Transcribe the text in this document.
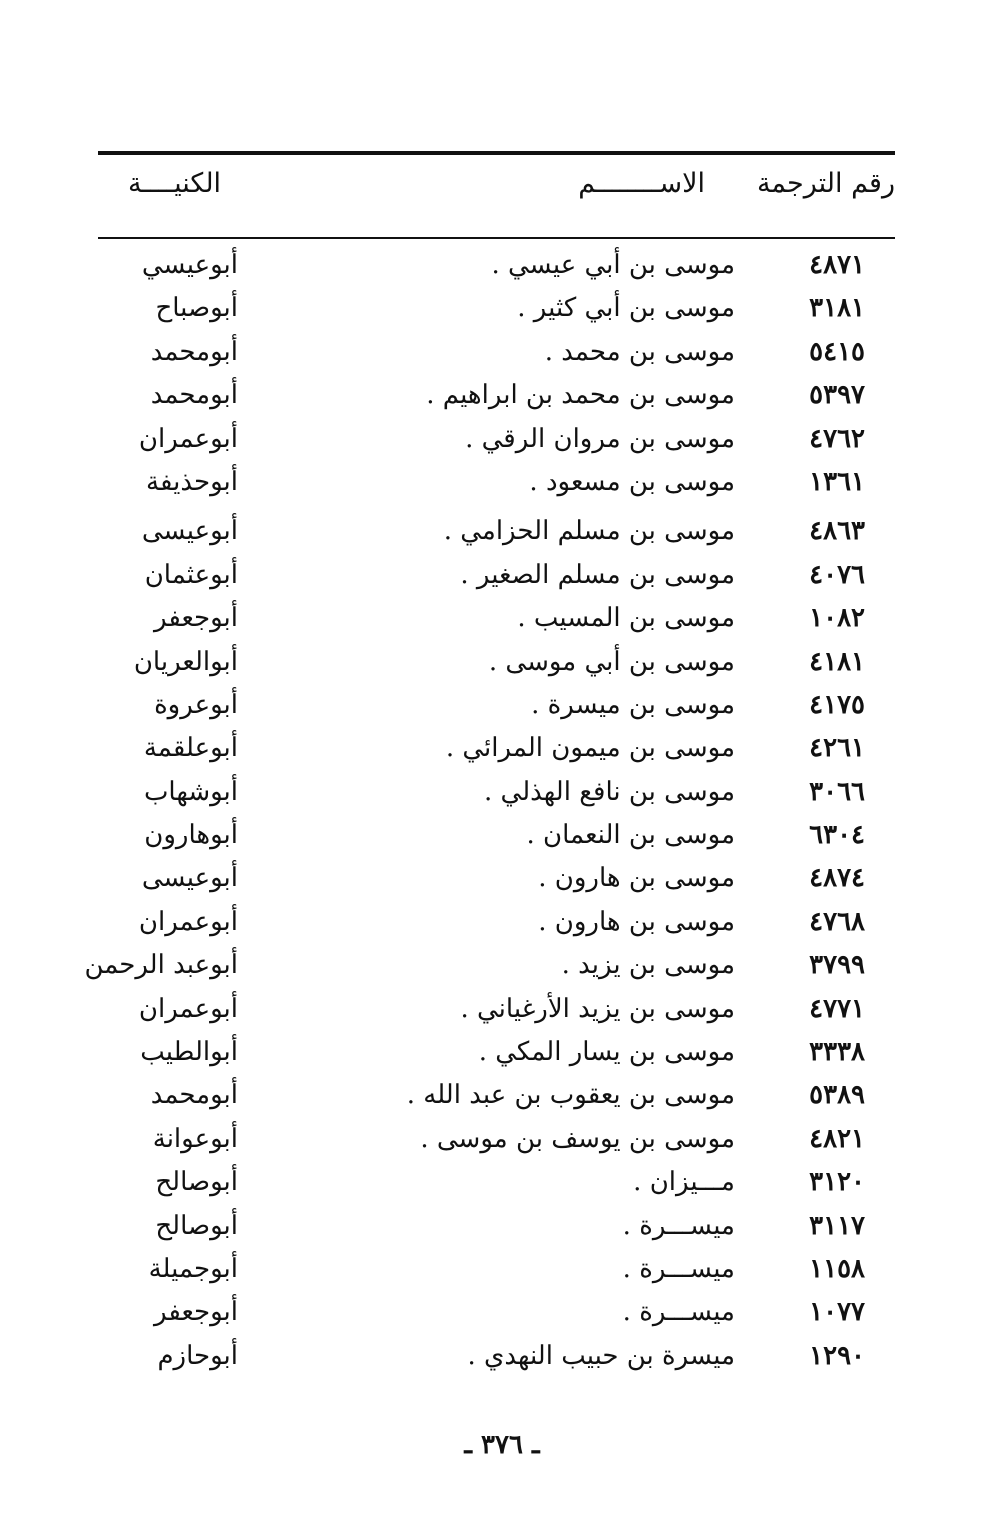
رقم الترجمة
الاســــــــم
الكنيــــة
٤٨٧١
موسى بن أبي عيسي .
أبوعيسي
٣١٨١
موسى بن أبي كثير .
أبوصباح
٥٤١٥
موسى بن محمد .
أبومحمد
٥٣٩٧
موسى بن محمد بن ابراهيم .
أبومحمد
٤٧٦٢
موسى بن مروان الرقي .
أبوعمران
١٣٦١
موسى بن مسعود .
أبوحذيفة
٤٨٦٣
موسى بن مسلم الحزامي .
أبوعيسى
٤٠٧٦
موسى بن مسلم الصغير .
أبوعثمان
١٠٨٢
موسى بن المسيب .
أبوجعفر
٤١٨١
موسى بن أبي موسى .
أبوالعريان
٤١٧٥
موسى بن ميسرة .
أبوعروة
٤٢٦١
موسى بن ميمون المرائي .
أبوعلقمة
٣٠٦٦
موسى بن نافع الهذلي .
أبوشهاب
٦٣٠٤
موسى بن النعمان .
أبوهارون
٤٨٧٤
موسى بن هارون .
أبوعيسى
٤٧٦٨
موسى بن هارون .
أبوعمران
٣٧٩٩
موسى بن يزيد .
أبوعبد الرحمن
٤٧٧١
موسى بن يزيد الأرغياني .
أبوعمران
٣٣٣٨
موسى بن يسار المكي .
أبوالطيب
٥٣٨٩
موسى بن يعقوب بن عبد الله .
أبومحمد
٤٨٢١
موسى بن يوسف بن موسى .
أبوعوانة
٣١٢٠
مـــيزان .
أبوصالح
٣١١٧
ميســـرة .
أبوصالح
١١٥٨
ميســـرة .
أبوجميلة
١٠٧٧
ميســـرة .
أبوجعفر
١٢٩٠
ميسرة بن حبيب النهدي .
أبوحازم
ـ ٣٧٦ ـ
